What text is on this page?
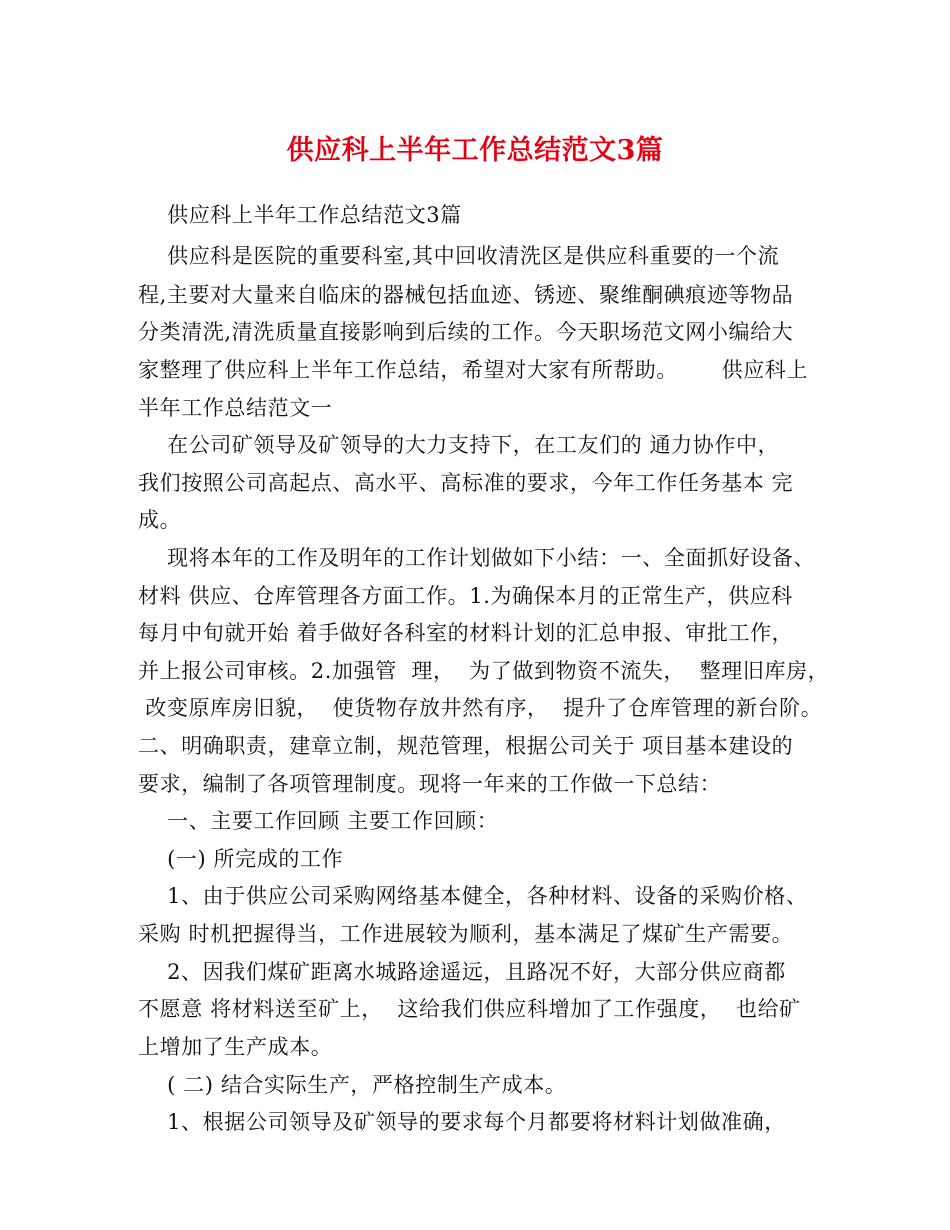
供应科上半年工作总结范文3篇
供应科上半年工作总结范文3篇
供应科是医院的重要科室,其中回收清洗区是供应科重要的一个流
程,主要对大量来自临床的器械包括血迹、锈迹、聚维酮碘痕迹等物品
分类清洗,清洗质量直接影响到后续的工作。今天职场范文网小编给大
家整理了供应科上半年工作总结，希望对大家有所帮助。      供应科上
半年工作总结范文一
在公司矿领导及矿领导的大力支持下，在工友们的 通力协作中，
我们按照公司高起点、高水平、高标准的要求，今年工作任务基本 完
成。
现将本年的工作及明年的工作计划做如下小结：一、全面抓好设备、
材料 供应、仓库管理各方面工作。1.为确保本月的正常生产，供应科
每月中旬就开始 着手做好各科室的材料计划的汇总申报、审批工作，
并上报公司审核。2.加强管  理，  为了做到物资不流失，  整理旧库房，
改变原库房旧貌，  使货物存放井然有序，  提升了仓库管理的新台阶。
二、明确职责，建章立制，规范管理，根据公司关于 项目基本建设的
要求，编制了各项管理制度。现将一年来的工作做一下总结：
一、主要工作回顾 主要工作回顾：
(一) 所完成的工作
1、由于供应公司采购网络基本健全，各种材料、设备的采购价格、
采购 时机把握得当，工作进展较为顺利，基本满足了煤矿生产需要。
2、因我们煤矿距离水城路途遥远，且路况不好，大部分供应商都
不愿意 将材料送至矿上，  这给我们供应科增加了工作强度，  也给矿
上增加了生产成本。
( 二) 结合实际生产，严格控制生产成本。
1、根据公司领导及矿领导的要求每个月都要将材料计划做准确，
